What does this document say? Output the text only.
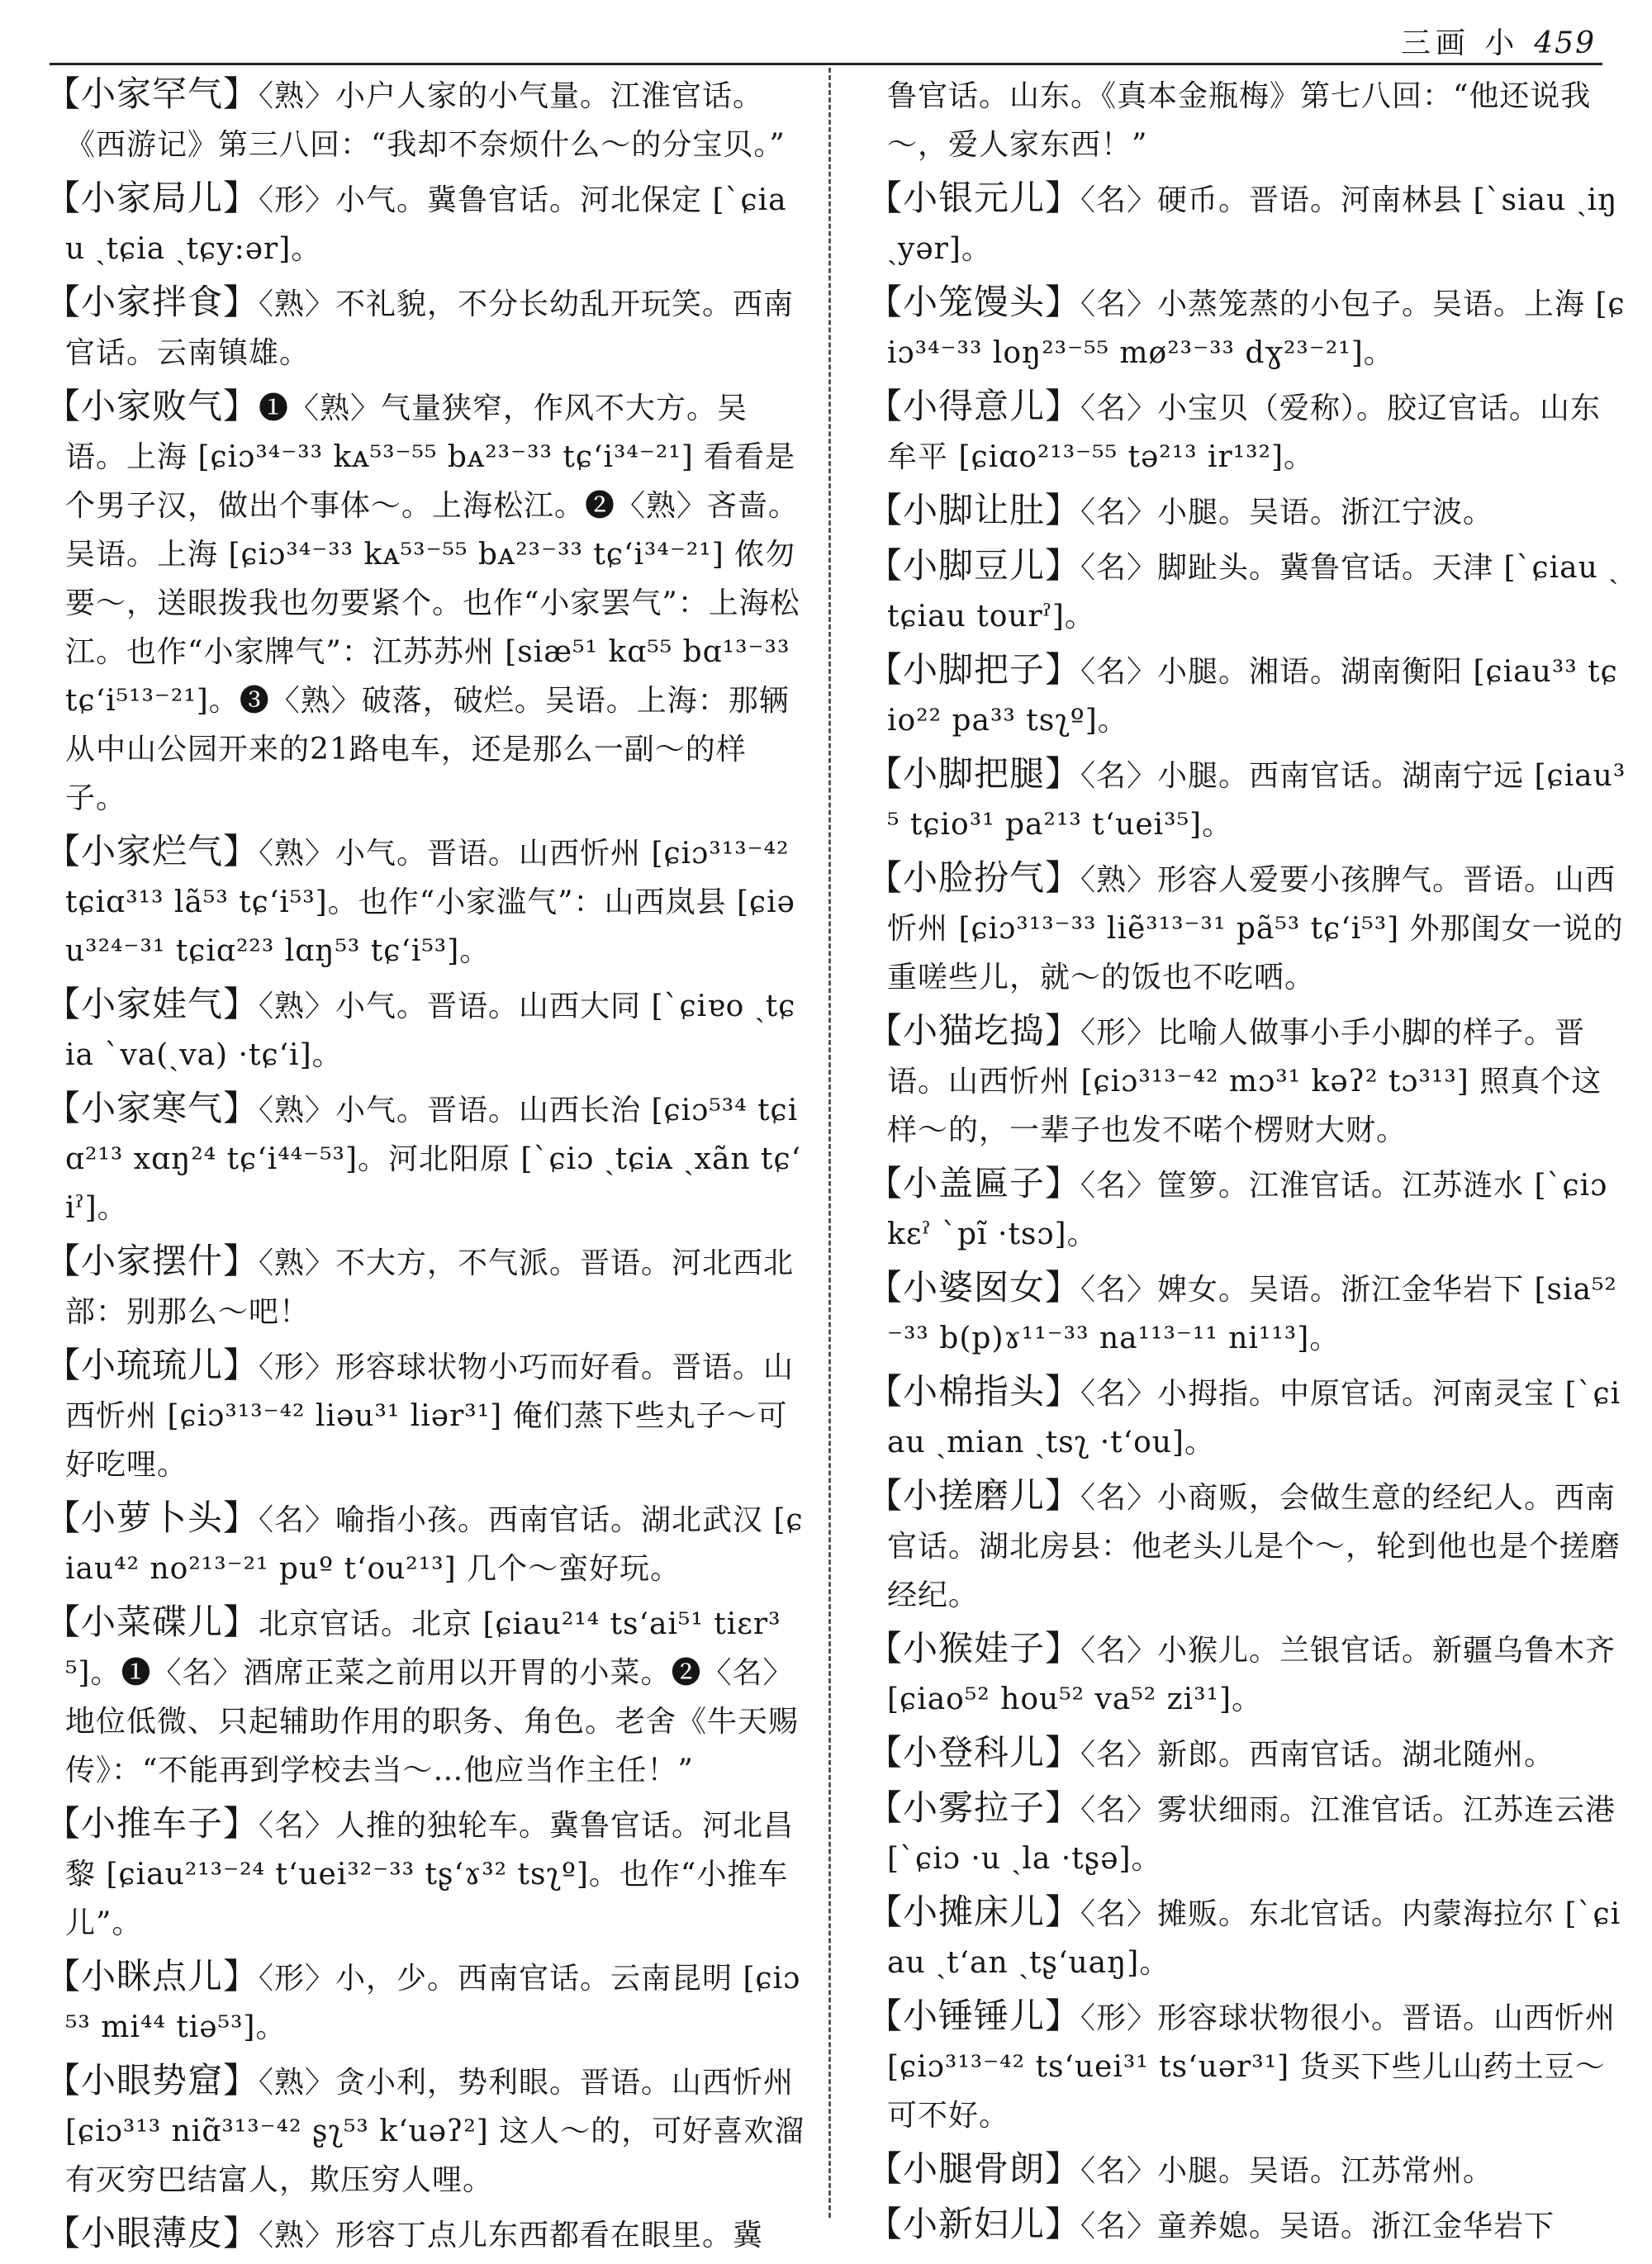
三画 小 459

【小家罕气】〈熟〉小户人家的小气量。江淮官话。《西游记》第三八回：“我却不奈烦什么～的分宝贝。”

【小家局儿】〈形〉小气。冀鲁官话。河北保定 [ˋɕiau ˏtɕia ˏtɕy:ər]。

【小家拌食】〈熟〉不礼貌，不分长幼乱开玩笑。西南官话。云南镇雄。

【小家败气】❶〈熟〉气量狭窄，作风不大方。吴语。上海 [ɕiɔ³⁴⁻³³ kᴀ⁵³⁻⁵⁵ bᴀ²³⁻³³ tɕʻi³⁴⁻²¹] 看看是个男子汉，做出个事体～。上海松江。❷〈熟〉吝啬。吴语。上海 [ɕiɔ³⁴⁻³³ kᴀ⁵³⁻⁵⁵ bᴀ²³⁻³³ tɕʻi³⁴⁻²¹] 侬勿要～，送眼拨我也勿要紧个。也作“小家罢气”：上海松江。也作“小家牌气”：江苏苏州 [siæ⁵¹ kɑ⁵⁵ bɑ¹³⁻³³ tɕʻi⁵¹³⁻²¹]。❸〈熟〉破落，破烂。吴语。上海：那辆从中山公园开来的21路电车，还是那么一副～的样子。

【小家烂气】〈熟〉小气。晋语。山西忻州 [ɕiɔ³¹³⁻⁴² tɕiɑ³¹³ lã⁵³ tɕʻi⁵³]。也作“小家滥气”：山西岚县 [ɕiəu³²⁴⁻³¹ tɕiɑ²²³ lɑŋ⁵³ tɕʻi⁵³]。

【小家娃气】〈熟〉小气。晋语。山西大同 [ˋɕiɐo ˏtɕia ˋva(ˏva) ·tɕʻi]。

【小家寒气】〈熟〉小气。晋语。山西长治 [ɕiɔ⁵³⁴ tɕiɑ²¹³ xɑŋ²⁴ tɕʻi⁴⁴⁻⁵³]。河北阳原 [ˋɕiɔ ˏtɕiᴀ ˏxãn tɕʻiˀ]。

【小家摆什】〈熟〉不大方，不气派。晋语。河北西北部：别那么～吧！

【小琉琉儿】〈形〉形容球状物小巧而好看。晋语。山西忻州 [ɕiɔ³¹³⁻⁴² liəu³¹ liər³¹] 俺们蒸下些丸子～可好吃哩。

【小萝卜头】〈名〉喻指小孩。西南官话。湖北武汉 [ɕiau⁴² no²¹³⁻²¹ puº tʻou²¹³] 几个～蛮好玩。

【小菜碟儿】北京官话。北京 [ɕiau²¹⁴ tsʻai⁵¹ tiɛr³⁵]。❶〈名〉酒席正菜之前用以开胃的小菜。❷〈名〉地位低微、只起辅助作用的职务、角色。老舍《牛天赐传》：“不能再到学校去当～…他应当作主任！”

【小推车子】〈名〉人推的独轮车。冀鲁官话。河北昌黎 [ɕiau²¹³⁻²⁴ tʻuei³²⁻³³ tʂʻɤ³² tsʅº]。也作“小推车儿”。

【小眯点儿】〈形〉小，少。西南官话。云南昆明 [ɕiɔ⁵³ mi⁴⁴ tiə⁵³]。

【小眼势窟】〈熟〉贪小利，势利眼。晋语。山西忻州 [ɕiɔ³¹³ niɑ̃³¹³⁻⁴² ʂʅ⁵³ kʻuəʔ²] 这人～的，可好喜欢溜有灭穷巴结富人，欺压穷人哩。

【小眼薄皮】〈熟〉形容丁点儿东西都看在眼里。冀

鲁官话。山东。《真本金瓶梅》第七八回：“他还说我～，爱人家东西！”

【小银元儿】〈名〉硬币。晋语。河南林县 [ˋsiau ˏiŋ ˏyər]。

【小笼馒头】〈名〉小蒸笼蒸的小包子。吴语。上海 [ɕiɔ³⁴⁻³³ loŋ²³⁻⁵⁵ mø²³⁻³³ dɣ²³⁻²¹]。

【小得意儿】〈名〉小宝贝（爱称）。胶辽官话。山东牟平 [ɕiɑo²¹³⁻⁵⁵ tə²¹³ ir¹³²]。

【小脚让肚】〈名〉小腿。吴语。浙江宁波。

【小脚豆儿】〈名〉脚趾头。冀鲁官话。天津 [ˋɕiau ˏtɕiau tourˀ]。

【小脚把子】〈名〉小腿。湘语。湖南衡阳 [ɕiau³³ tɕio²² pa³³ tsʅº]。

【小脚把腿】〈名〉小腿。西南官话。湖南宁远 [ɕiau³⁵ tɕio³¹ pa²¹³ tʻuei³⁵]。

【小脸扮气】〈熟〉形容人爱要小孩脾气。晋语。山西忻州 [ɕiɔ³¹³⁻³³ liẽ³¹³⁻³¹ pã⁵³ tɕʻi⁵³] 外那闺女一说的重嗟些儿，就～的饭也不吃哂。

【小猫圪捣】〈形〉比喻人做事小手小脚的样子。晋语。山西忻州 [ɕiɔ³¹³⁻⁴² mɔ³¹ kəʔ² tɔ³¹³] 照真个这样～的，一辈子也发不喏个楞财大财。

【小盖匾子】〈名〉筐箩。江淮官话。江苏涟水 [ˋɕiɔ kɛˀ ˋpĩ ·tsɔ]。

【小婆囡女】〈名〉婢女。吴语。浙江金华岩下 [sia⁵²⁻³³ b(p)ɤ¹¹⁻³³ na¹¹³⁻¹¹ ni¹¹³]。

【小棉指头】〈名〉小拇指。中原官话。河南灵宝 [ˋɕiau ˏmian ˏtsʅ ·tʻou]。

【小搓磨儿】〈名〉小商贩，会做生意的经纪人。西南官话。湖北房县：他老头儿是个～，轮到他也是个搓磨经纪。

【小猴娃子】〈名〉小猴儿。兰银官话。新疆乌鲁木齐 [ɕiao⁵² hou⁵² va⁵² zi³¹]。

【小登科儿】〈名〉新郎。西南官话。湖北随州。

【小雾拉子】〈名〉雾状细雨。江淮官话。江苏连云港 [ˋɕiɔ ·u ˏla ·tʂə]。

【小摊床儿】〈名〉摊贩。东北官话。内蒙海拉尔 [ˋɕiau ˏtʻan ˏtʂʻuaŋ]。

【小锤锤儿】〈形〉形容球状物很小。晋语。山西忻州 [ɕiɔ³¹³⁻⁴² tsʻuei³¹ tsʻuər³¹] 货买下些儿山药土豆～可不好。

【小腿骨朗】〈名〉小腿。吴语。江苏常州。

【小新妇儿】〈名〉童养媳。吴语。浙江金华岩下
